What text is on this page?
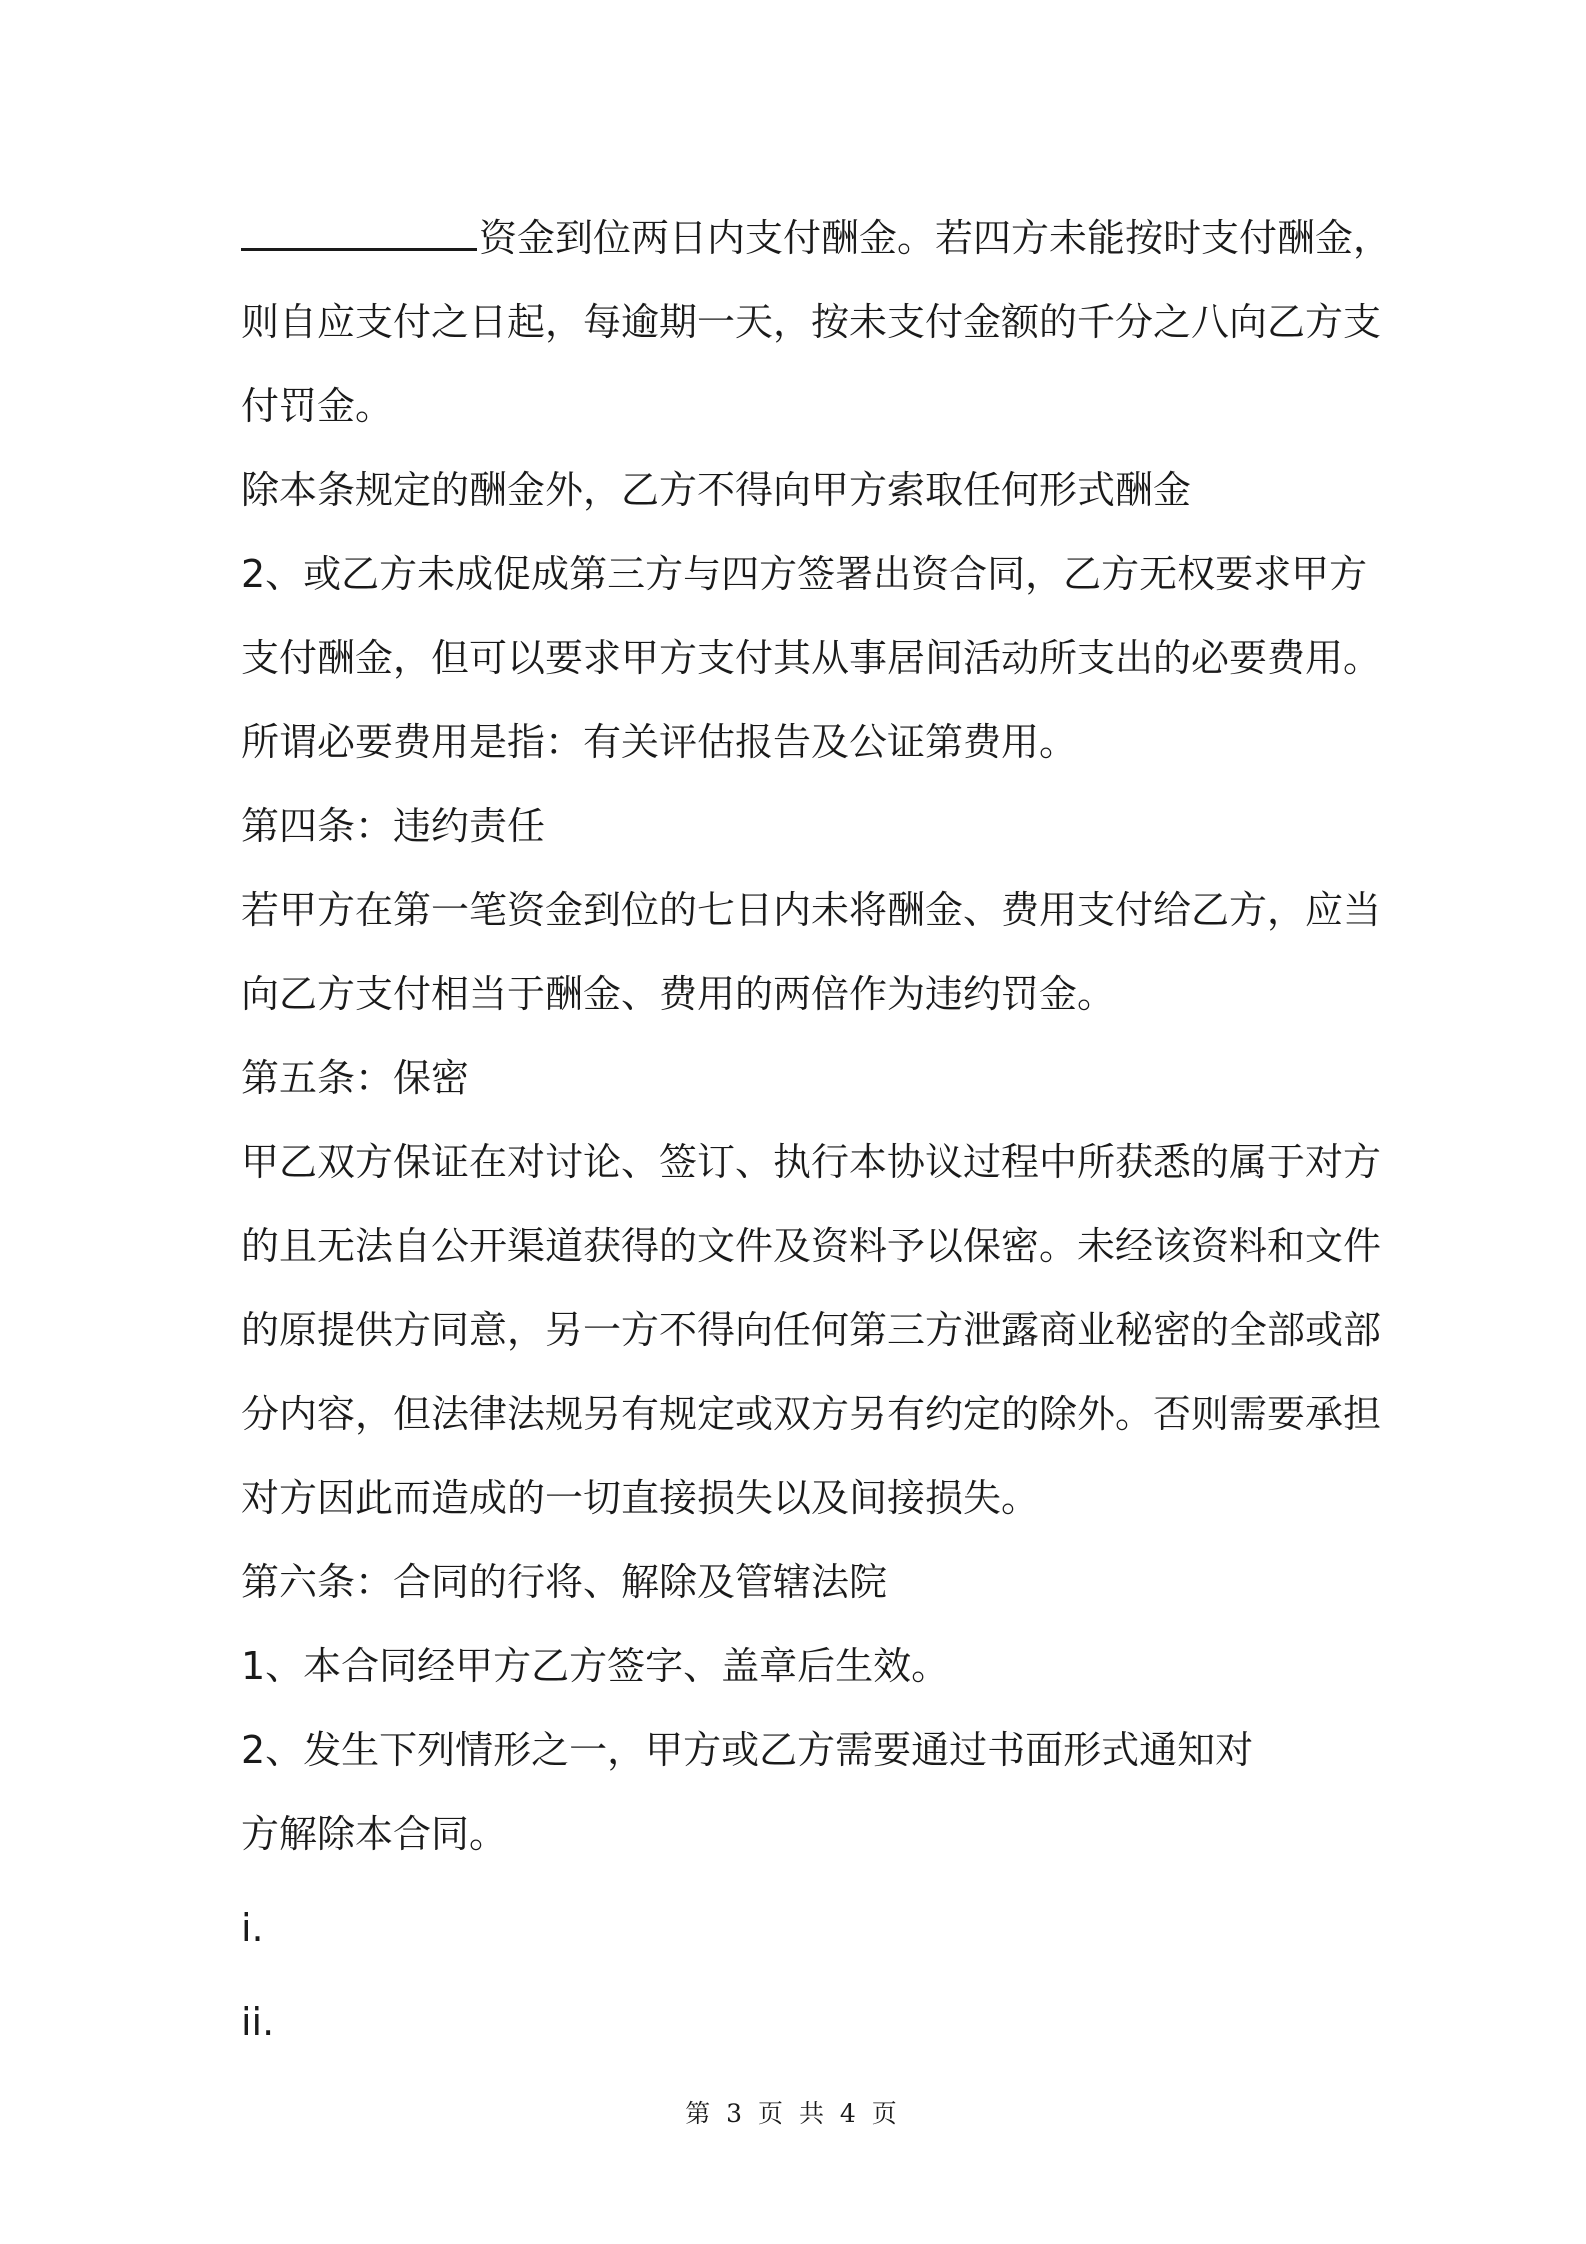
资金到位两日内支付酬金。若四方未能按时支付酬金，
则自应支付之日起，每逾期一天，按未支付金额的千分之八向乙方支
付罚金。
除本条规定的酬金外，乙方不得向甲方索取任何形式酬金
2、或乙方未成促成第三方与四方签署出资合同，乙方无权要求甲方
支付酬金，但可以要求甲方支付其从事居间活动所支出的必要费用。
所谓必要费用是指：有关评估报告及公证第费用。
第四条：违约责任
若甲方在第一笔资金到位的七日内未将酬金、费用支付给乙方，应当
向乙方支付相当于酬金、费用的两倍作为违约罚金。
第五条：保密
甲乙双方保证在对讨论、签订、执行本协议过程中所获悉的属于对方
的且无法自公开渠道获得的文件及资料予以保密。未经该资料和文件
的原提供方同意，另一方不得向任何第三方泄露商业秘密的全部或部
分内容，但法律法规另有规定或双方另有约定的除外。否则需要承担
对方因此而造成的一切直接损失以及间接损失。
第六条：合同的行将、解除及管辖法院
1、本合同经甲方乙方签字、盖章后生效。
2、发生下列情形之一，甲方或乙方需要通过书面形式通知对
方解除本合同。
i.
ii.
第 3 页 共 4 页
